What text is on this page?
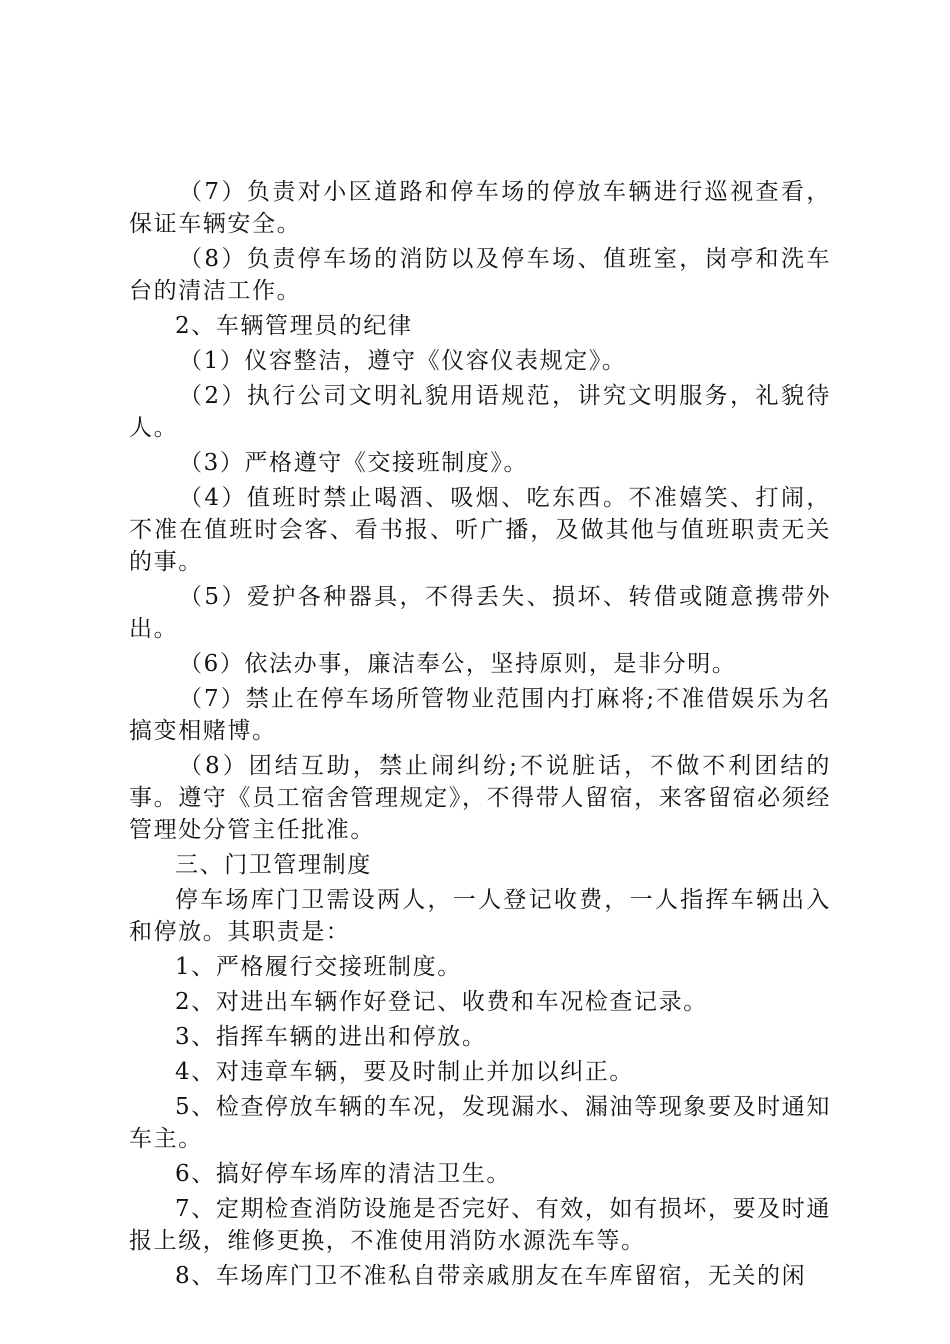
（7）负责对小区道路和停车场的停放车辆进行巡视查看，保证车辆安全。

（8）负责停车场的消防以及停车场、值班室，岗亭和洗车台的清洁工作。

2、车辆管理员的纪律

（1）仪容整洁，遵守《仪容仪表规定》。

（2）执行公司文明礼貌用语规范，讲究文明服务，礼貌待人。

（3）严格遵守《交接班制度》。

（4）值班时禁止喝酒、吸烟、吃东西。不准嬉笑、打闹，不准在值班时会客、看书报、听广播，及做其他与值班职责无关的事。

（5）爱护各种器具，不得丢失、损坏、转借或随意携带外出。

（6）依法办事，廉洁奉公，坚持原则，是非分明。

（7）禁止在停车场所管物业范围内打麻将;不准借娱乐为名搞变相赌博。

（8）团结互助，禁止闹纠纷;不说脏话，不做不利团结的事。遵守《员工宿舍管理规定》，不得带人留宿，来客留宿必须经管理处分管主任批准。

三、门卫管理制度

停车场库门卫需设两人，一人登记收费，一人指挥车辆出入和停放。其职责是：

1、严格履行交接班制度。

2、对进出车辆作好登记、收费和车况检查记录。

3、指挥车辆的进出和停放。

4、对违章车辆，要及时制止并加以纠正。

5、检查停放车辆的车况，发现漏水、漏油等现象要及时通知车主。

6、搞好停车场库的清洁卫生。

7、定期检查消防设施是否完好、有效，如有损坏，要及时通报上级，维修更换，不准使用消防水源洗车等。

8、车场库门卫不准私自带亲戚朋友在车库留宿，无关的闲
